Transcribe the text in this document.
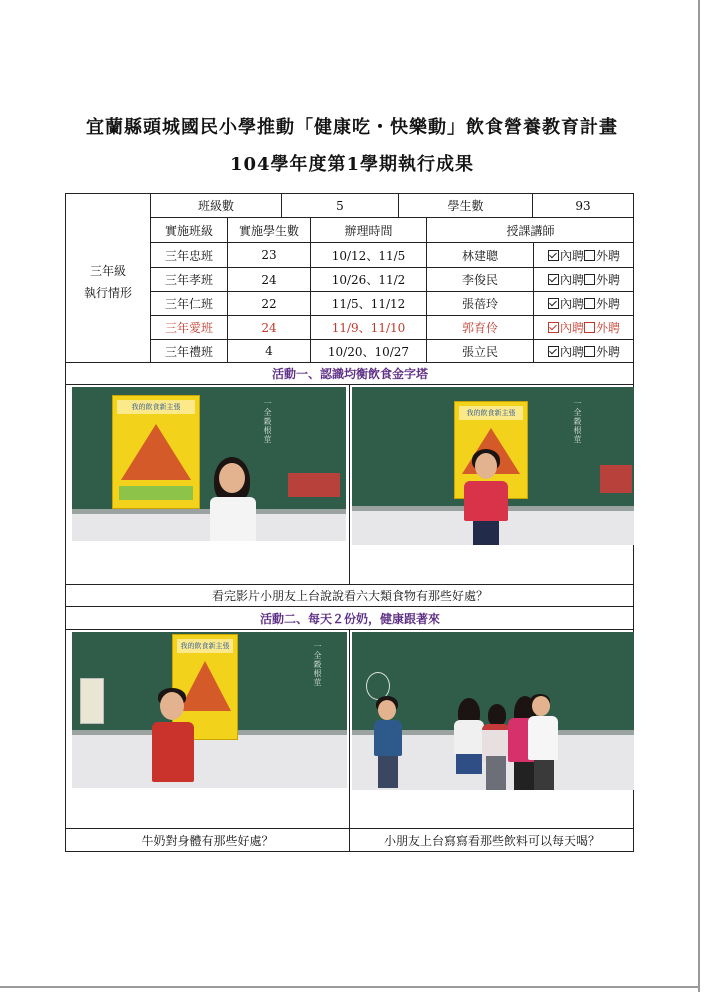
宜蘭縣頭城國民小學推動「健康吃・快樂動」飲食營養教育計畫
104學年度第1學期執行成果
三年級
執行情形
班級數	5	學生數	93
實施班級	實施學生數	辦理時間	授課講師
三年忠班	23	10/12、11/5	林建聰	內聘 外聘
三年孝班	24	10/26、11/2	李俊民	內聘 外聘
三年仁班	22	11/5、11/12	張蓓玲	內聘 外聘
三年愛班	24	11/9、11/10	郭育伶	內聘 外聘
三年禮班	4	10/20、10/27	張立民	內聘 外聘
活動一、認識均衡飲食金字塔
我的飲食新主張	一全穀根莖	我的飲食新主張	一全穀根莖
看完影片小朋友上台說說看六大類食物有那些好處？
活動二、每天２份奶，健康跟著來
我的飲食新主張	一全穀根莖
牛奶對身體有那些好處？	小朋友上台寫寫看那些飲料可以每天喝？
